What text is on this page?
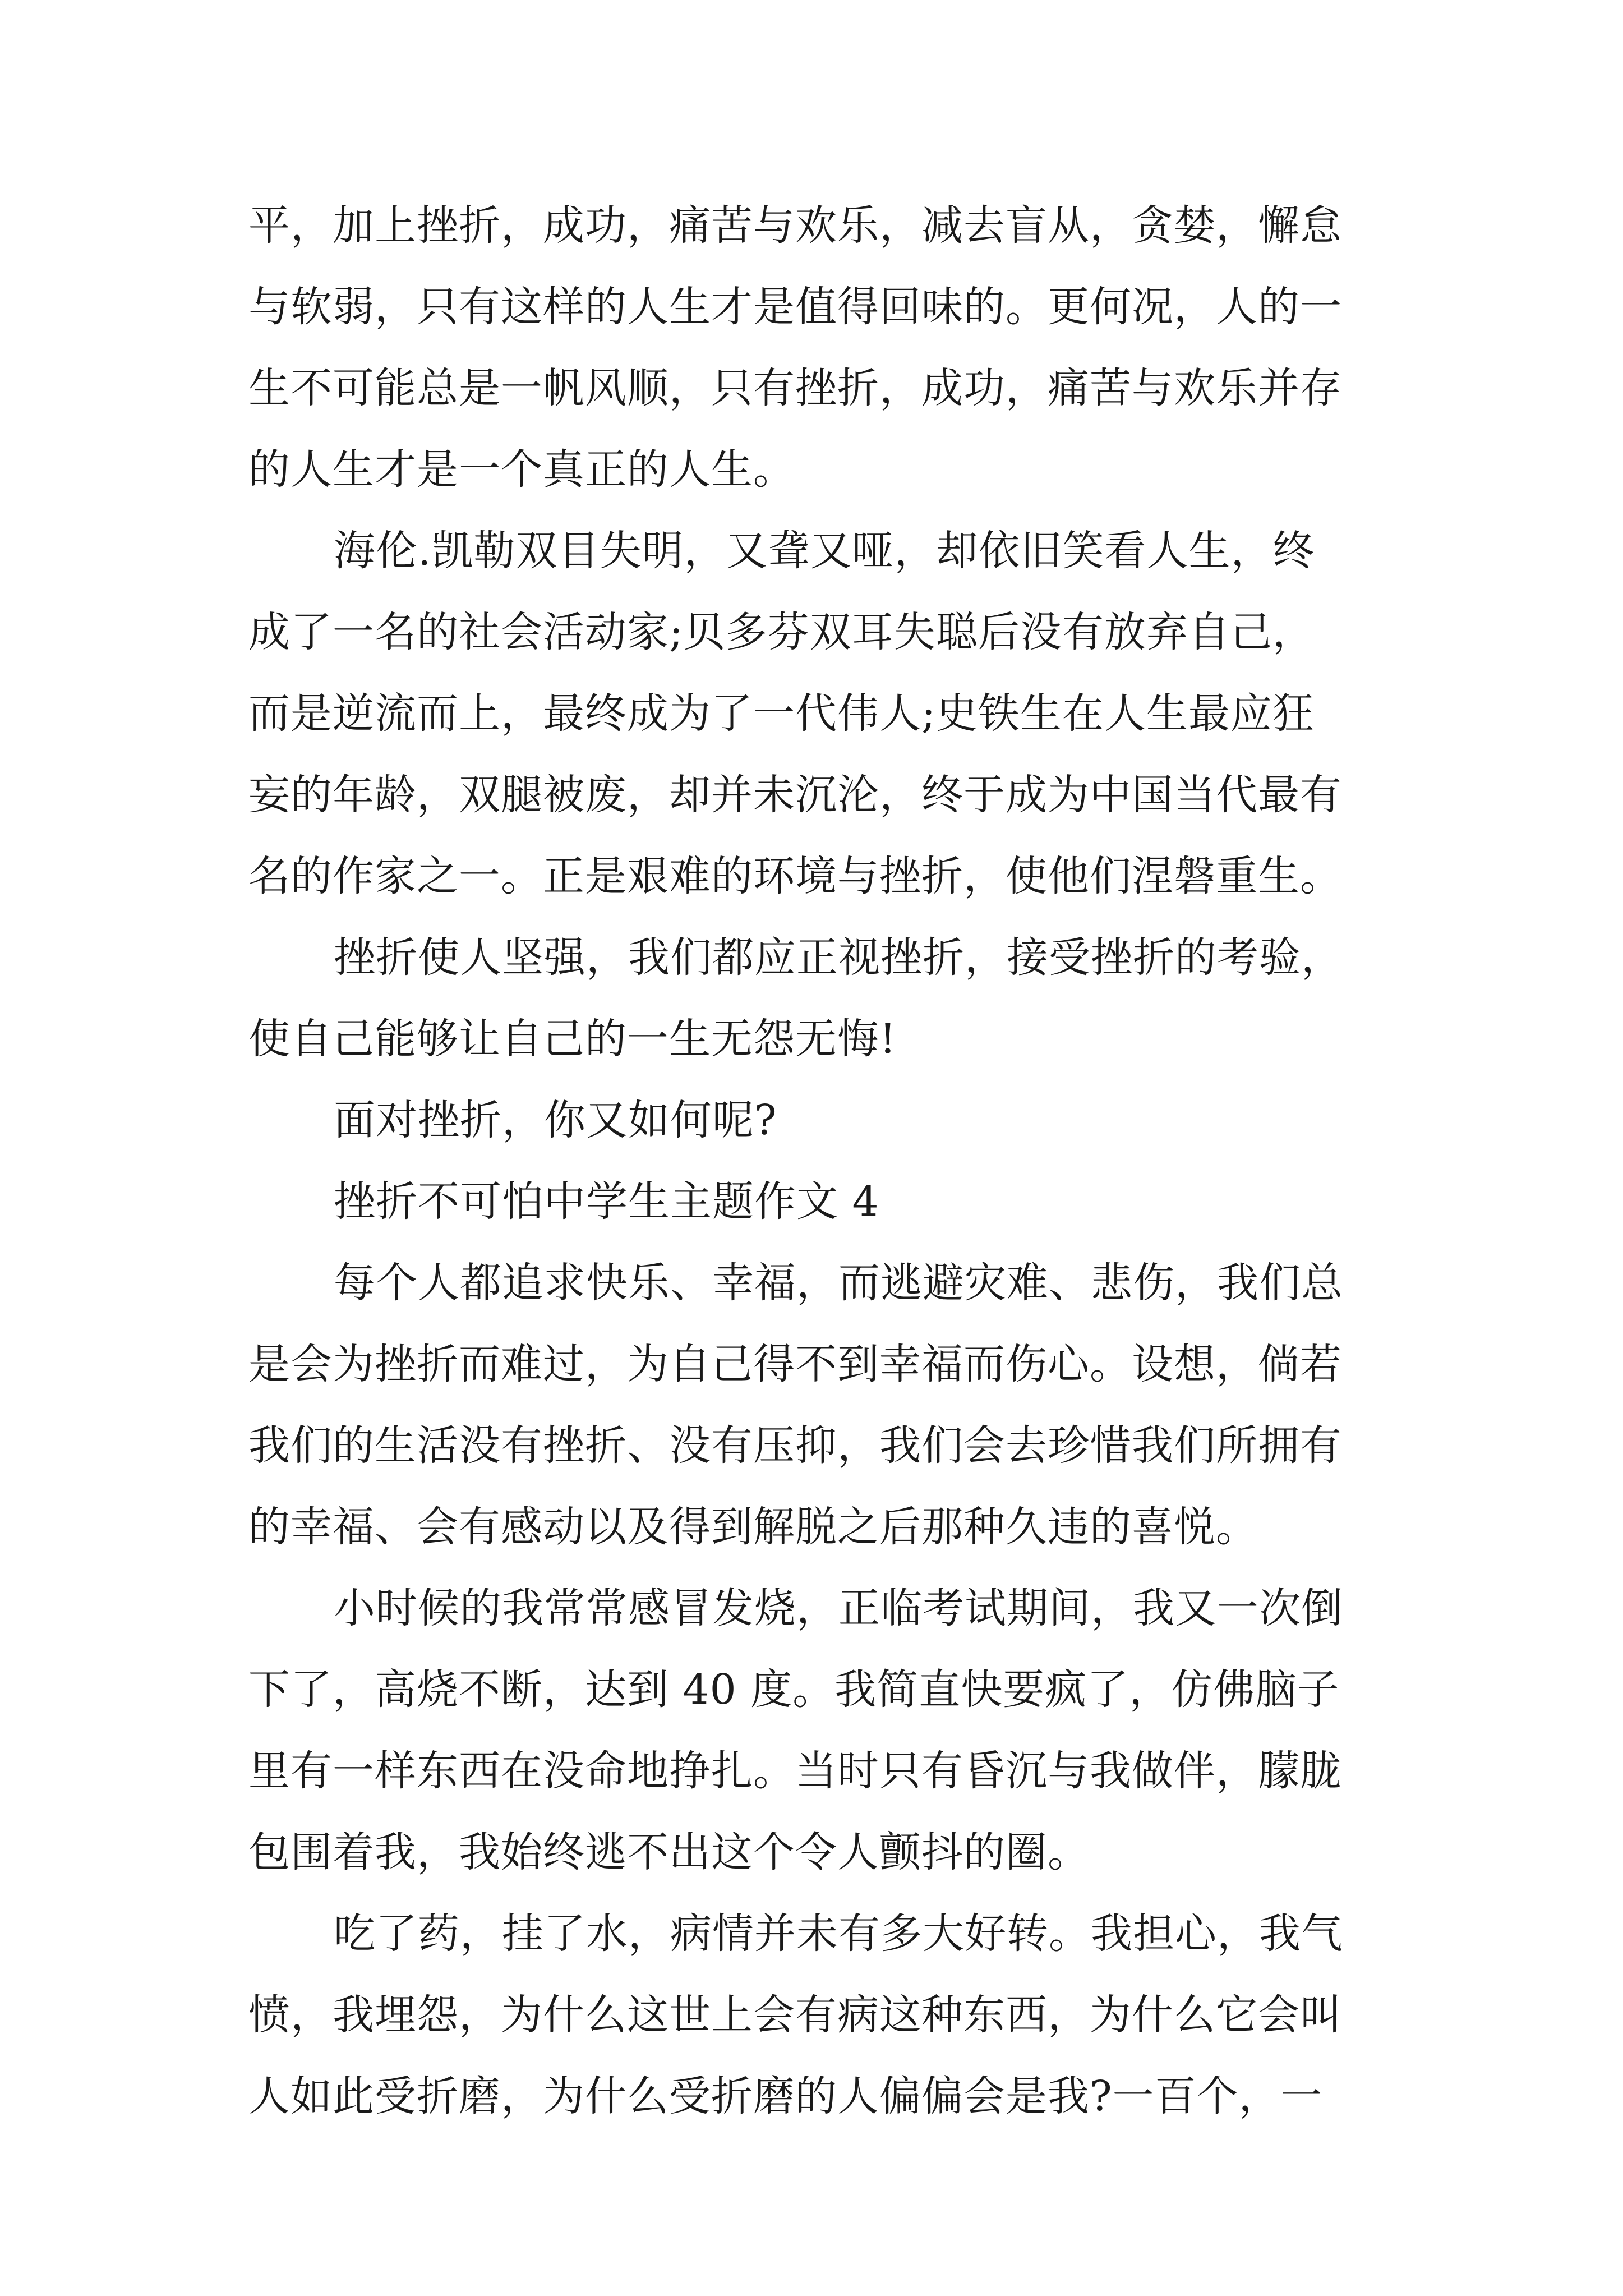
平，加上挫折，成功，痛苦与欢乐，减去盲从，贪婪，懈怠
与软弱，只有这样的人生才是值得回味的。更何况，人的一
生不可能总是一帆风顺，只有挫折，成功，痛苦与欢乐并存
的人生才是一个真正的人生。

海伦.凯勒双目失明，又聋又哑，却依旧笑看人生，终
成了一名的社会活动家;贝多芬双耳失聪后没有放弃自己，
而是逆流而上，最终成为了一代伟人;史铁生在人生最应狂
妄的年龄，双腿被废，却并未沉沦，终于成为中国当代最有
名的作家之一。正是艰难的环境与挫折，使他们涅磐重生。

挫折使人坚强，我们都应正视挫折，接受挫折的考验，
使自己能够让自己的一生无怨无悔!

面对挫折，你又如何呢?

挫折不可怕中学生主题作文 4

每个人都追求快乐、幸福，而逃避灾难、悲伤，我们总
是会为挫折而难过，为自己得不到幸福而伤心。设想，倘若
我们的生活没有挫折、没有压抑，我们会去珍惜我们所拥有
的幸福、会有感动以及得到解脱之后那种久违的喜悦。

小时候的我常常感冒发烧，正临考试期间，我又一次倒
下了，高烧不断，达到 40 度。我简直快要疯了，仿佛脑子
里有一样东西在没命地挣扎。当时只有昏沉与我做伴，朦胧
包围着我，我始终逃不出这个令人颤抖的圈。

吃了药，挂了水，病情并未有多大好转。我担心，我气
愤，我埋怨，为什么这世上会有病这种东西，为什么它会叫
人如此受折磨，为什么受折磨的人偏偏会是我?一百个，一
